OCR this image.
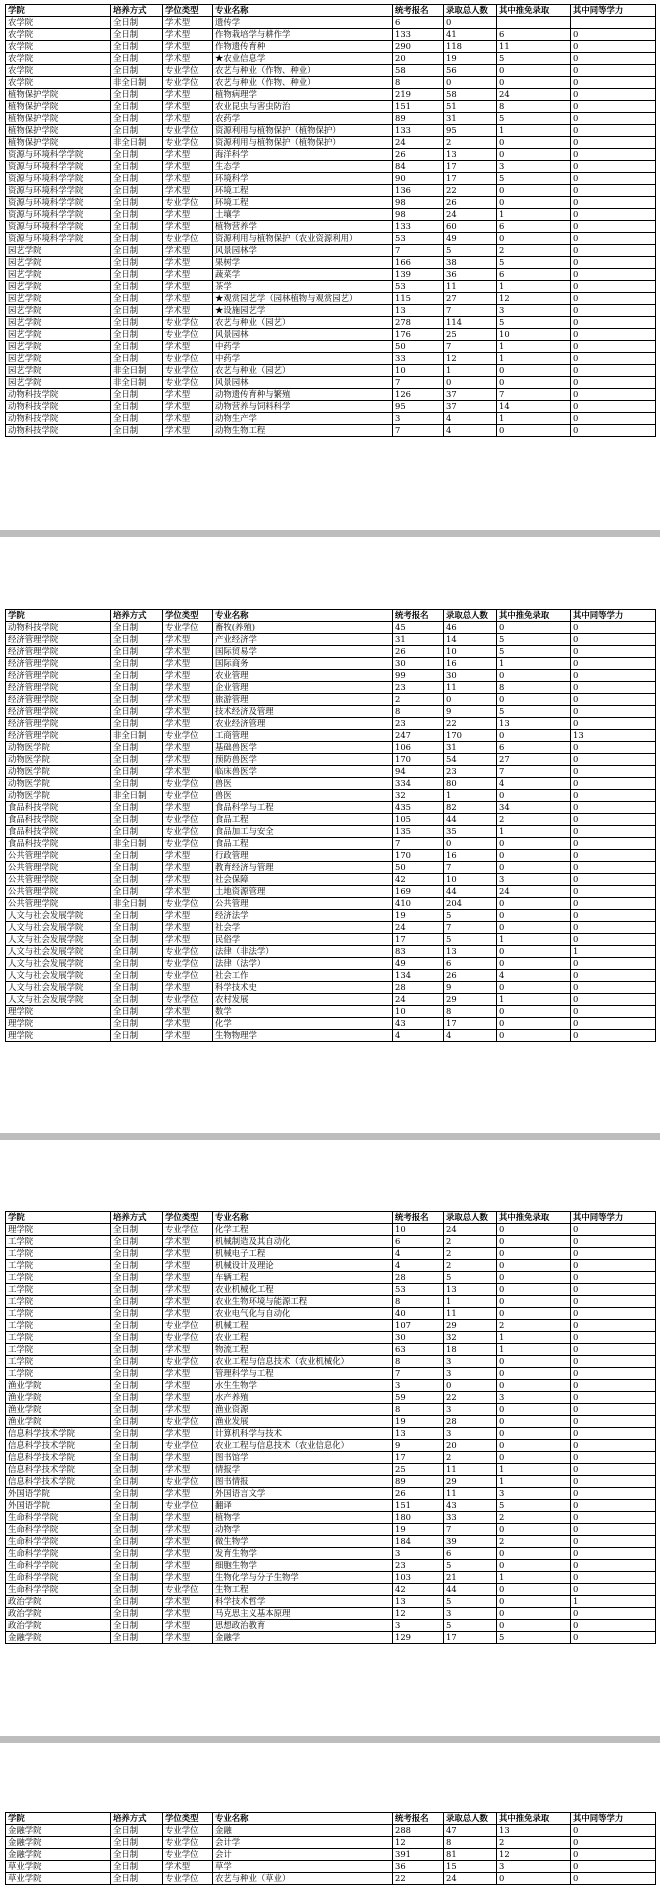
学院	培养方式	学位类型	专业名称	统考报名	录取总人数	其中推免录取	其中同等学力
农学院	全日制	学术型	遗传学	6	0		
农学院	全日制	学术型	作物栽培学与耕作学	133	41	6	0
农学院	全日制	学术型	作物遗传育种	290	118	11	0
农学院	全日制	学术型	★农业信息学	20	19	5	0
农学院	全日制	专业学位	农艺与种业（作物、种业）	58	56	0	0
农学院	非全日制	专业学位	农艺与种业（作物、种业）	8	0	0	0
植物保护学院	全日制	学术型	植物病理学	219	58	24	0
植物保护学院	全日制	学术型	农业昆虫与害虫防治	151	51	8	0
植物保护学院	全日制	学术型	农药学	89	31	5	0
植物保护学院	全日制	专业学位	资源利用与植物保护（植物保护）	133	95	1	0
植物保护学院	非全日制	专业学位	资源利用与植物保护（植物保护）	24	2	0	0
资源与环境科学学院	全日制	学术型	海洋科学	26	13	0	0
资源与环境科学学院	全日制	学术型	生态学	84	17	3	0
资源与环境科学学院	全日制	学术型	环境科学	90	17	5	0
资源与环境科学学院	全日制	学术型	环境工程	136	22	0	0
资源与环境科学学院	全日制	专业学位	环境工程	98	26	0	0
资源与环境科学学院	全日制	学术型	土壤学	98	24	1	0
资源与环境科学学院	全日制	学术型	植物营养学	133	60	6	0
资源与环境科学学院	全日制	专业学位	资源利用与植物保护（农业资源利用）	53	49	0	0
园艺学院	全日制	学术型	风景园林学	7	5	2	0
园艺学院	全日制	学术型	果树学	166	38	5	0
园艺学院	全日制	学术型	蔬菜学	139	36	6	0
园艺学院	全日制	学术型	茶学	53	11	1	0
园艺学院	全日制	学术型	★观赏园艺学（园林植物与观赏园艺）	115	27	12	0
园艺学院	全日制	学术型	★设施园艺学	13	7	3	0
园艺学院	全日制	专业学位	农艺与种业（园艺）	278	114	5	0
园艺学院	全日制	专业学位	风景园林	176	25	10	0
园艺学院	全日制	学术型	中药学	50	7	1	0
园艺学院	全日制	专业学位	中药学	33	12	1	0
园艺学院	非全日制	专业学位	农艺与种业（园艺）	10	1	0	0
园艺学院	非全日制	专业学位	风景园林	7	0	0	0
动物科技学院	全日制	学术型	动物遗传育种与繁殖	126	37	7	0
动物科技学院	全日制	学术型	动物营养与饲料科学	95	37	14	0
动物科技学院	全日制	学术型	动物生产学	3	4	1	0
动物科技学院	全日制	学术型	动物生物工程	7	4	0	0
学院	培养方式	学位类型	专业名称	统考报名	录取总人数	其中推免录取	其中同等学力
动物科技学院	全日制	专业学位	畜牧(养殖)	45	46	0	0
经济管理学院	全日制	学术型	产业经济学	31	14	5	0
经济管理学院	全日制	学术型	国际贸易学	26	10	5	0
经济管理学院	全日制	学术型	国际商务	30	16	1	0
经济管理学院	全日制	学术型	农业管理	99	30	0	0
经济管理学院	全日制	学术型	企业管理	23	11	8	0
经济管理学院	全日制	学术型	旅游管理	2	0	0	0
经济管理学院	全日制	学术型	技术经济及管理	8	9	5	0
经济管理学院	全日制	学术型	农业经济管理	23	22	13	0
经济管理学院	非全日制	专业学位	工商管理	247	170	0	13
动物医学院	全日制	学术型	基础兽医学	106	31	6	0
动物医学院	全日制	学术型	预防兽医学	170	54	27	0
动物医学院	全日制	学术型	临床兽医学	94	23	7	0
动物医学院	全日制	专业学位	兽医	334	80	4	0
动物医学院	非全日制	专业学位	兽医	32	1	0	0
食品科技学院	全日制	学术型	食品科学与工程	435	82	34	0
食品科技学院	全日制	专业学位	食品工程	105	44	2	0
食品科技学院	全日制	专业学位	食品加工与安全	135	35	1	0
食品科技学院	非全日制	专业学位	食品工程	7	0	0	0
公共管理学院	全日制	学术型	行政管理	170	16	0	0
公共管理学院	全日制	学术型	教育经济与管理	50	7	0	0
公共管理学院	全日制	学术型	社会保障	42	10	3	0
公共管理学院	全日制	学术型	土地资源管理	169	44	24	0
公共管理学院	非全日制	专业学位	公共管理	410	204	0	0
人文与社会发展学院	全日制	学术型	经济法学	19	5	0	0
人文与社会发展学院	全日制	学术型	社会学	24	7	0	0
人文与社会发展学院	全日制	学术型	民俗学	17	5	1	0
人文与社会发展学院	全日制	专业学位	法律（非法学）	83	13	0	1
人文与社会发展学院	全日制	专业学位	法律（法学）	49	6	0	0
人文与社会发展学院	全日制	专业学位	社会工作	134	26	4	0
人文与社会发展学院	全日制	学术型	科学技术史	28	9	0	0
人文与社会发展学院	全日制	专业学位	农村发展	24	29	1	0
理学院	全日制	学术型	数学	10	8	0	0
理学院	全日制	学术型	化学	43	17	0	0
理学院	全日制	学术型	生物物理学	4	4	0	0
学院	培养方式	学位类型	专业名称	统考报名	录取总人数	其中推免录取	其中同等学力
理学院	全日制	专业学位	化学工程	10	24	0	0
工学院	全日制	学术型	机械制造及其自动化	6	2	0	0
工学院	全日制	学术型	机械电子工程	4	2	0	0
工学院	全日制	学术型	机械设计及理论	4	2	0	0
工学院	全日制	学术型	车辆工程	28	5	0	0
工学院	全日制	学术型	农业机械化工程	53	13	0	0
工学院	全日制	学术型	农业生物环境与能源工程	8	1	0	0
工学院	全日制	学术型	农业电气化与自动化	40	11	0	0
工学院	全日制	专业学位	机械工程	107	29	2	0
工学院	全日制	专业学位	农业工程	30	32	1	0
工学院	全日制	学术型	物流工程	63	18	1	0
工学院	全日制	专业学位	农业工程与信息技术（农业机械化）	8	3	0	0
工学院	全日制	学术型	管理科学与工程	7	3	0	0
渔业学院	全日制	学术型	水生生物学	3	0	0	0
渔业学院	全日制	学术型	水产养殖	59	22	3	0
渔业学院	全日制	学术型	渔业资源	8	3	0	0
渔业学院	全日制	专业学位	渔业发展	19	28	0	0
信息科学技术学院	全日制	学术型	计算机科学与技术	13	3	0	0
信息科学技术学院	全日制	专业学位	农业工程与信息技术（农业信息化）	9	20	0	0
信息科学技术学院	全日制	学术型	图书馆学	17	2	0	0
信息科学技术学院	全日制	学术型	情报学	25	11	1	0
信息科学技术学院	全日制	专业学位	图书情报	89	29	1	0
外国语学院	全日制	学术型	外国语言文学	26	11	3	0
外国语学院	全日制	专业学位	翻译	151	43	5	0
生命科学学院	全日制	学术型	植物学	180	33	2	0
生命科学学院	全日制	学术型	动物学	19	7	0	0
生命科学学院	全日制	学术型	微生物学	184	39	2	0
生命科学学院	全日制	学术型	发育生物学	3	6	0	0
生命科学学院	全日制	学术型	细胞生物学	23	5	0	0
生命科学学院	全日制	学术型	生物化学与分子生物学	103	21	1	0
生命科学学院	全日制	专业学位	生物工程	42	44	0	0
政治学院	全日制	学术型	科学技术哲学	13	5	0	1
政治学院	全日制	学术型	马克思主义基本原理	12	3	0	0
政治学院	全日制	学术型	思想政治教育	3	5	0	0
金融学院	全日制	学术型	金融学	129	17	5	0
学院	培养方式	学位类型	专业名称	统考报名	录取总人数	其中推免录取	其中同等学力
金融学院	全日制	专业学位	金融	288	47	13	0
金融学院	全日制	专业学位	会计学	12	8	2	0
金融学院	全日制	专业学位	会计	391	81	12	0
草业学院	全日制	学术型	草学	36	15	3	0
草业学院	全日制	专业学位	农艺与种业（草业）	22	24	0	0
